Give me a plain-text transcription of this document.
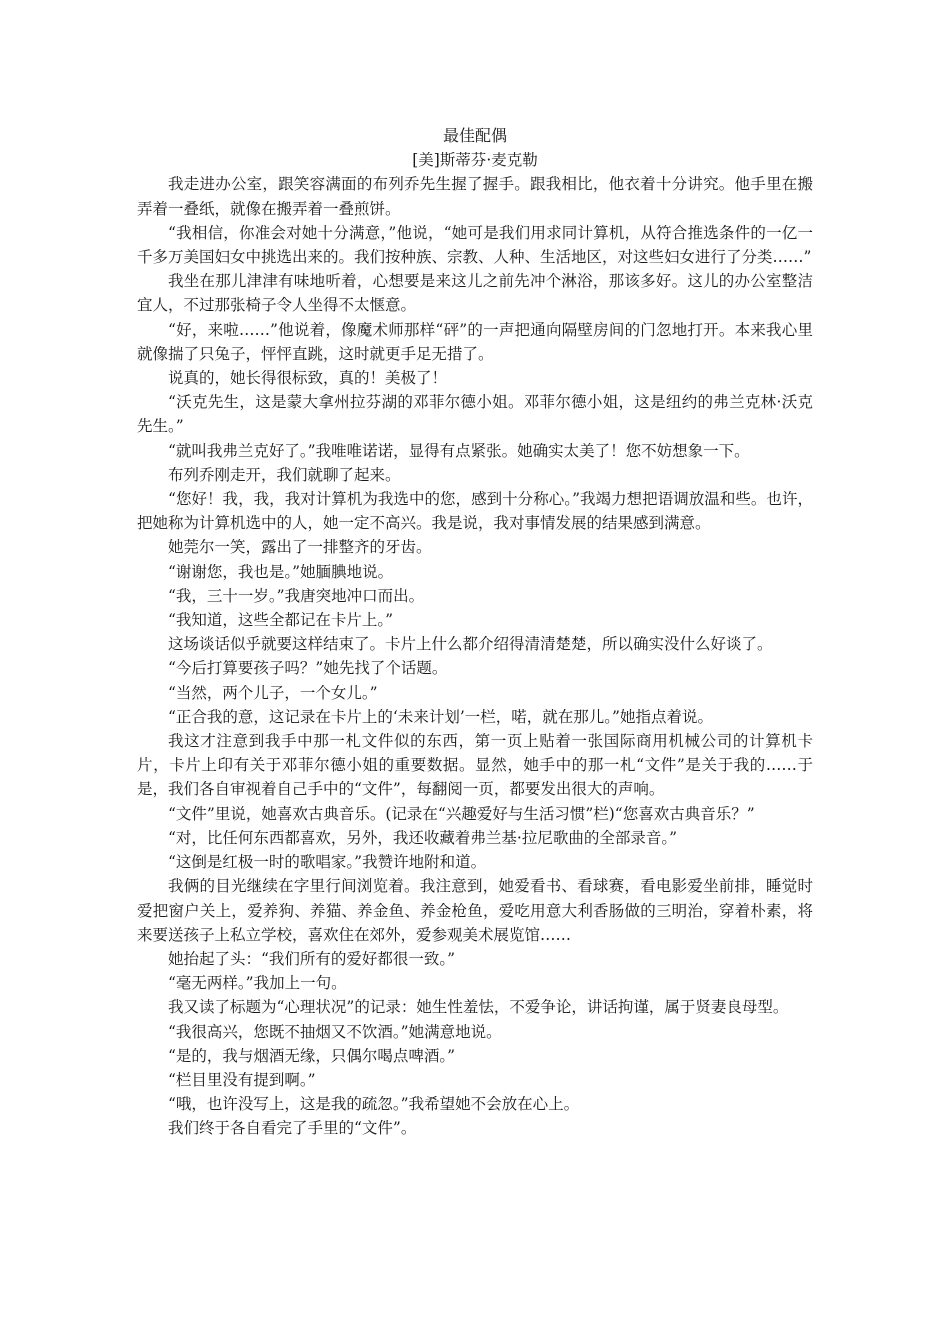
最佳配偶

[美]斯蒂芬·麦克勒

我走进办公室，跟笑容满面的布列乔先生握了握手。跟我相比，他衣着十分讲究。他手里在搬弄着一叠纸，就像在搬弄着一叠煎饼。

“我相信，你准会对她十分满意，”他说，“她可是我们用求同计算机，从符合推选条件的一亿一千多万美国妇女中挑选出来的。我们按种族、宗教、人种、生活地区，对这些妇女进行了分类……”

我坐在那儿津津有味地听着，心想要是来这儿之前先冲个淋浴，那该多好。这儿的办公室整洁宜人，不过那张椅子令人坐得不太惬意。

“好，来啦……”他说着，像魔术师那样“砰”的一声把通向隔壁房间的门忽地打开。本来我心里就像揣了只兔子，怦怦直跳，这时就更手足无措了。

说真的，她长得很标致，真的！美极了！

“沃克先生，这是蒙大拿州拉芬湖的邓菲尔德小姐。邓菲尔德小姐，这是纽约的弗兰克林·沃克先生。”

“就叫我弗兰克好了。”我唯唯诺诺，显得有点紧张。她确实太美了！您不妨想象一下。

布列乔刚走开，我们就聊了起来。

“您好！我，我，我对计算机为我选中的您，感到十分称心。”我竭力想把语调放温和些。也许，把她称为计算机选中的人，她一定不高兴。我是说，我对事情发展的结果感到满意。

她莞尔一笑，露出了一排整齐的牙齿。

“谢谢您，我也是。”她腼腆地说。

“我，三十一岁。”我唐突地冲口而出。

“我知道，这些全都记在卡片上。”

这场谈话似乎就要这样结束了。卡片上什么都介绍得清清楚楚，所以确实没什么好谈了。

“今后打算要孩子吗？”她先找了个话题。

“当然，两个儿子，一个女儿。”

“正合我的意，这记录在卡片上的‘未来计划’一栏，喏，就在那儿。”她指点着说。

我这才注意到我手中那一札文件似的东西，第一页上贴着一张国际商用机械公司的计算机卡片，卡片上印有关于邓菲尔德小姐的重要数据。显然，她手中的那一札“文件”是关于我的……于是，我们各自审视着自己手中的“文件”，每翻阅一页，都要发出很大的声响。

“文件”里说，她喜欢古典音乐。(记录在“兴趣爱好与生活习惯”栏)“您喜欢古典音乐？”

“对，比任何东西都喜欢，另外，我还收藏着弗兰基·拉尼歌曲的全部录音。”

“这倒是红极一时的歌唱家。”我赞许地附和道。

我俩的目光继续在字里行间浏览着。我注意到，她爱看书、看球赛，看电影爱坐前排，睡觉时爱把窗户关上，爱养狗、养猫、养金鱼、养金枪鱼，爱吃用意大利香肠做的三明治，穿着朴素，将来要送孩子上私立学校，喜欢住在郊外，爱参观美术展览馆……

她抬起了头：“我们所有的爱好都很一致。”

“毫无两样。”我加上一句。

我又读了标题为“心理状况”的记录：她生性羞怯，不爱争论，讲话拘谨，属于贤妻良母型。

“我很高兴，您既不抽烟又不饮酒。”她满意地说。

“是的，我与烟酒无缘，只偶尔喝点啤酒。”

“栏目里没有提到啊。”

“哦，也许没写上，这是我的疏忽。”我希望她不会放在心上。

我们终于各自看完了手里的“文件”。
